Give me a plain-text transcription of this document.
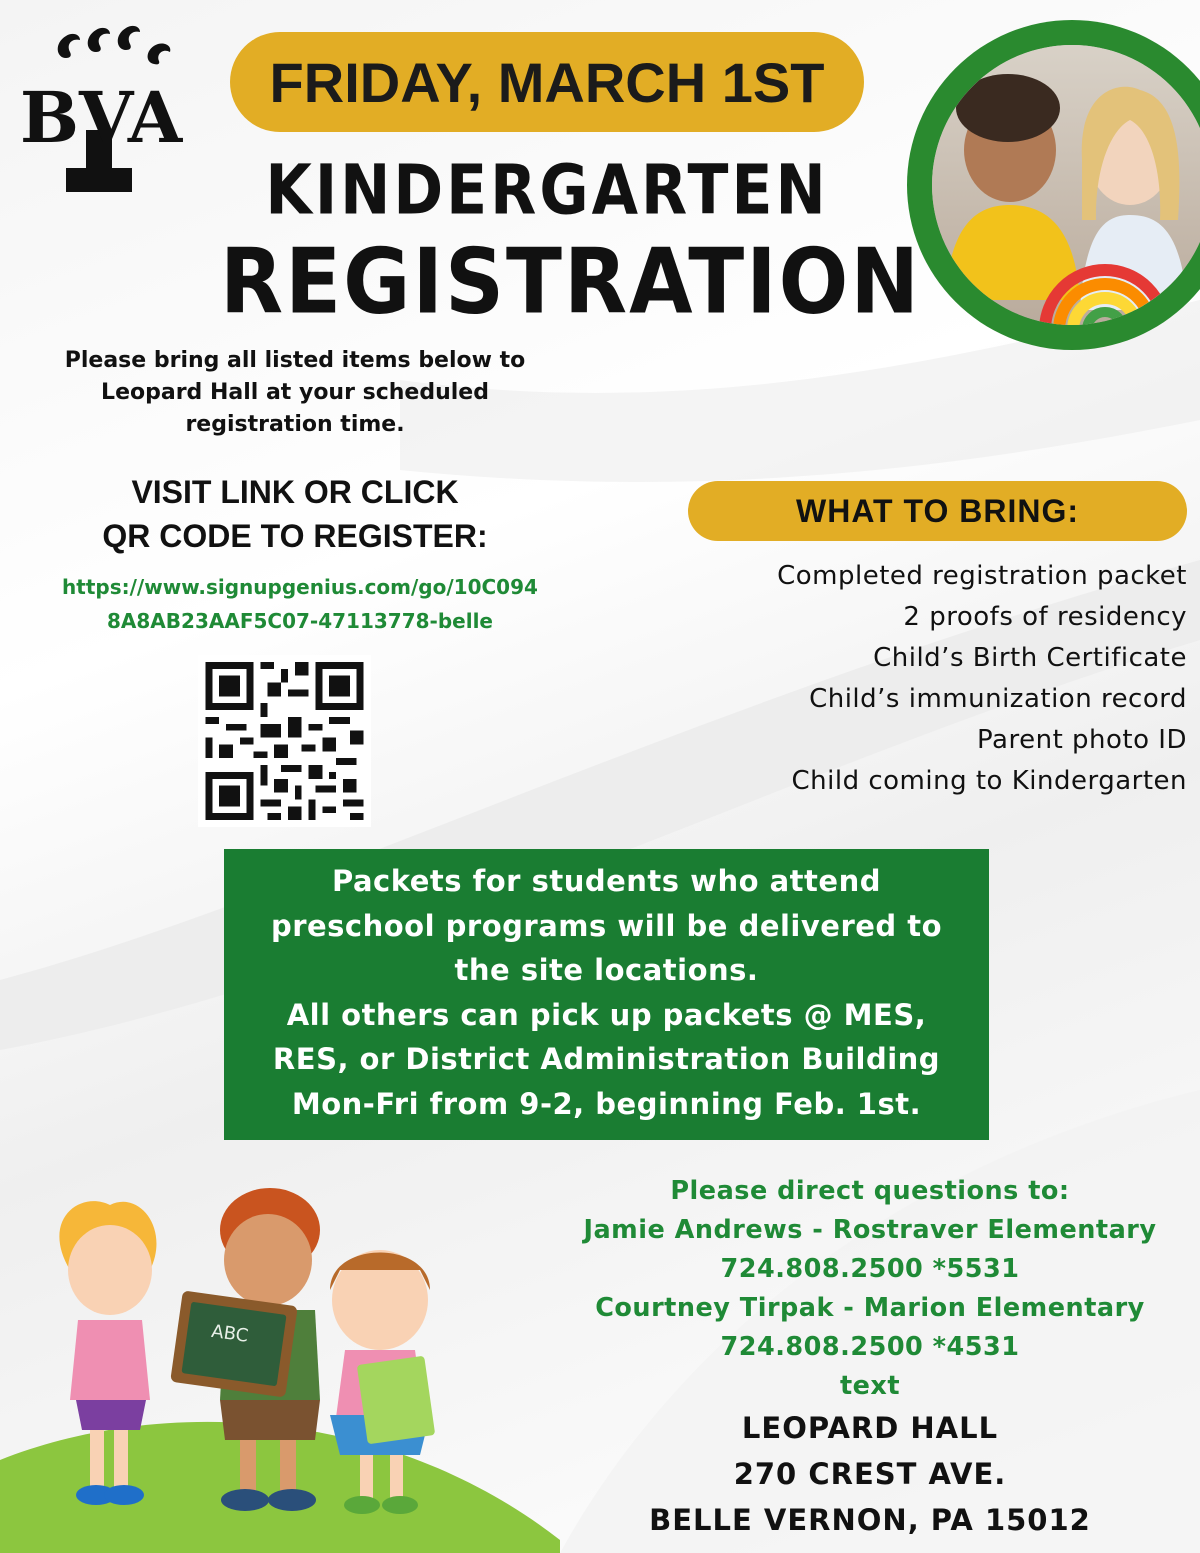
BVA	FRIDAY, MARCH 1ST
KINDERGARTEN
REGISTRATION
Please bring all listed items below to
Leopard Hall at your scheduled
registration time.
VISIT LINK OR CLICK
QR CODE TO REGISTER:
https://www.signupgenius.com/go/10C094
8A8AB23AAF5C07-47113778-belle
WHAT TO BRING:
Completed registration packet
2 proofs of residency
Child’s Birth Certificate
Child’s immunization record
Parent photo ID
Child coming to Kindergarten
Packets for students who attend
preschool programs will be delivered to
the site locations.
All others can pick up packets @ MES,
RES, or District Administration Building
Mon-Fri from 9-2, beginning Feb. 1st.
Please direct questions to:
Jamie Andrews - Rostraver Elementary
724.808.2500 *5531
Courtney Tirpak - Marion Elementary
724.808.2500 *4531
text
LEOPARD HALL
270 CREST AVE.
BELLE VERNON, PA 15012
ABC
